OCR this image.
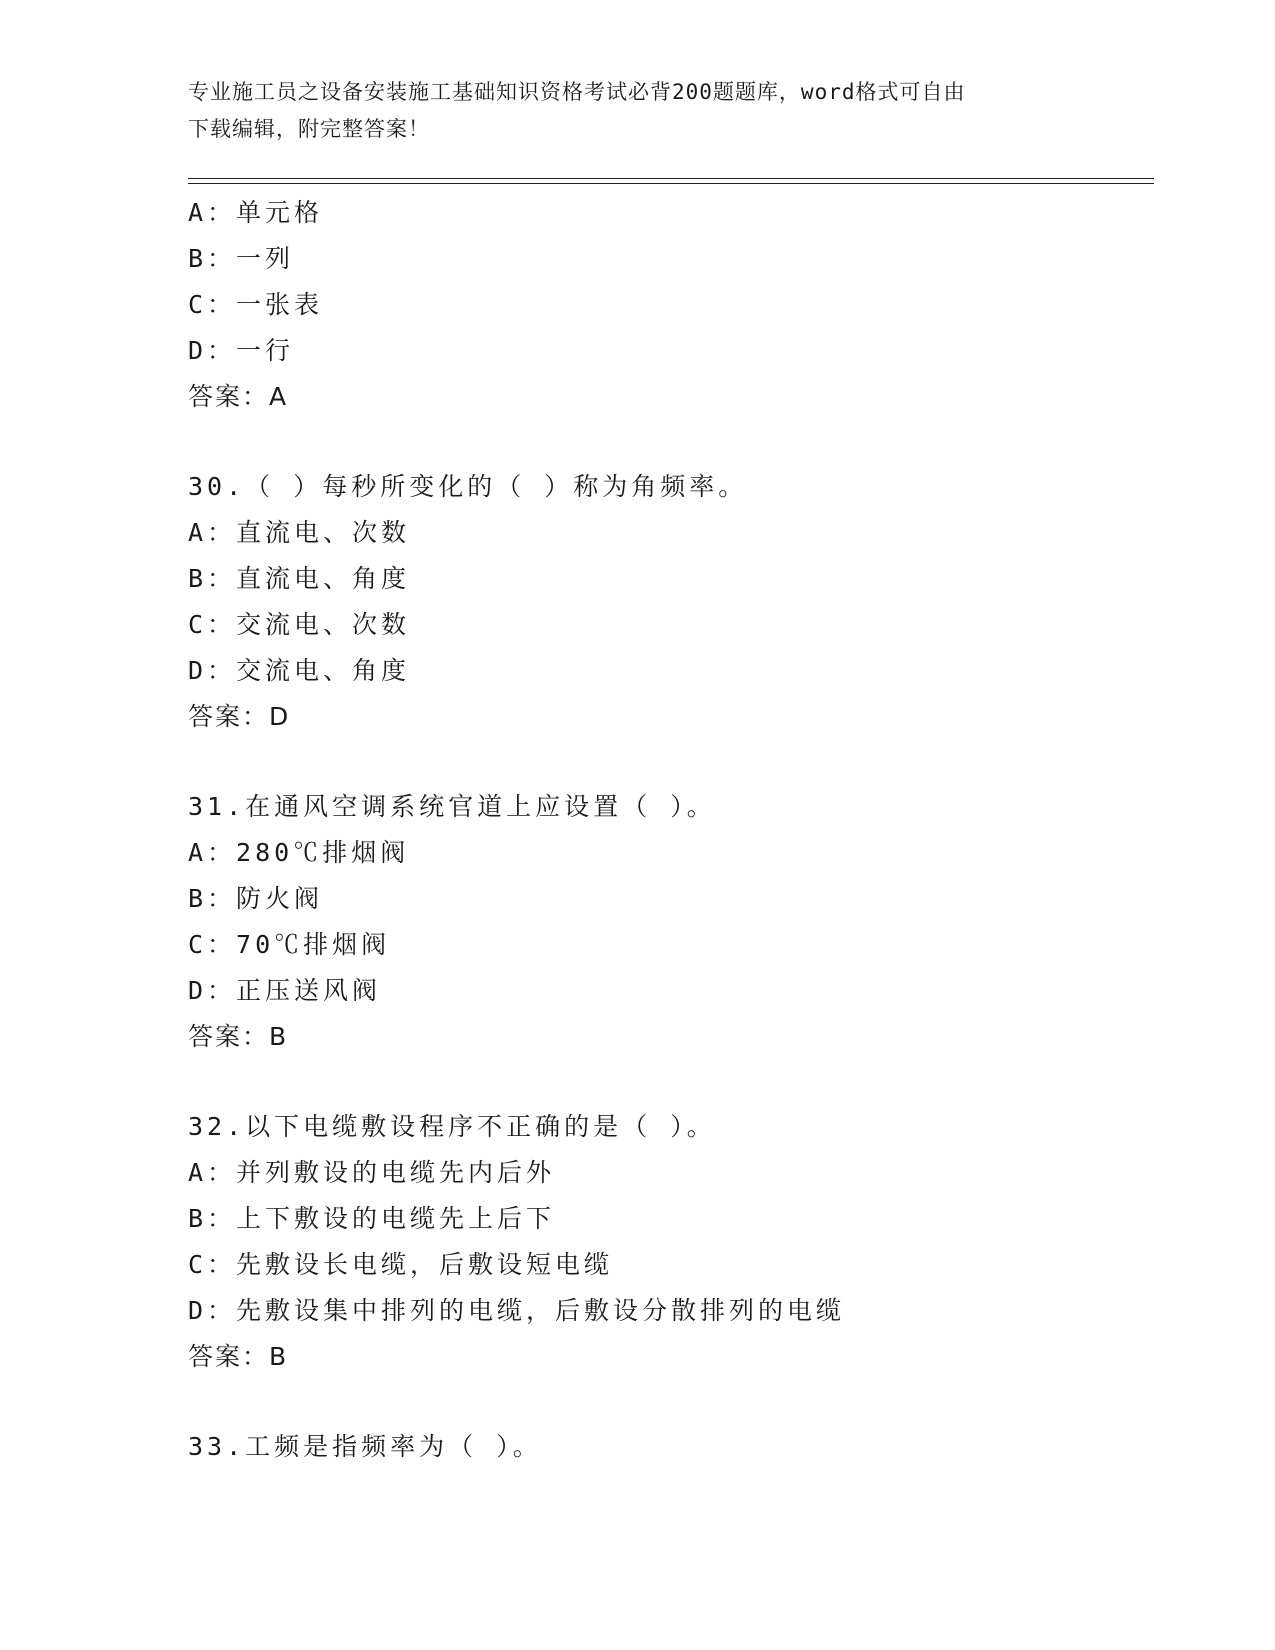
专业施工员之设备安装施工基础知识资格考试必背200题题库，word格式可自由
下载编辑，附完整答案！
A：单元格
B：一列
C：一张表
D：一行
答案：A
30.（ ）每秒所变化的（ ）称为角频率。
A：直流电、次数
B：直流电、角度
C：交流电、次数
D：交流电、角度
答案：D
31.在通风空调系统官道上应设置（ ）。
A：280℃排烟阀
B：防火阀
C：70℃排烟阀
D：正压送风阀
答案：B
32.以下电缆敷设程序不正确的是（ ）。
A：并列敷设的电缆先内后外
B：上下敷设的电缆先上后下
C：先敷设长电缆，后敷设短电缆
D：先敷设集中排列的电缆，后敷设分散排列的电缆
答案：B
33.工频是指频率为（ ）。
